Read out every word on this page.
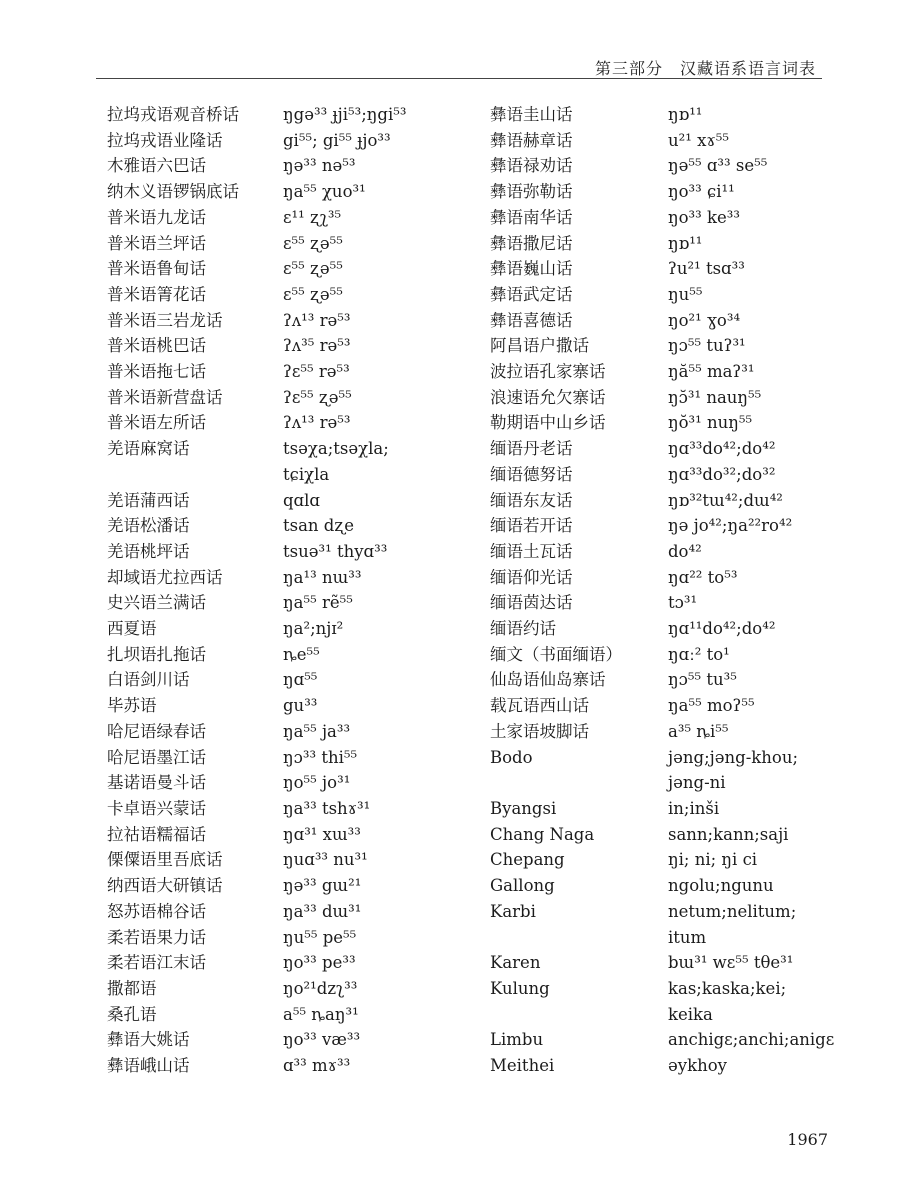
第三部分　汉藏语系语言词表
拉坞戎语观音桥话	ŋgə³³ ɟji⁵³;ŋgi⁵³
拉坞戎语业隆话	gi⁵⁵; gi⁵⁵ ɟjo³³
木雅语六巴话	ŋə³³ nə⁵³
纳木义语锣锅底话	ŋa⁵⁵ χuo³¹
普米语九龙话	ɛ¹¹ ʐʅ³⁵
普米语兰坪话	ɛ⁵⁵ ʐə⁵⁵
普米语鲁甸话	ɛ⁵⁵ ʐə⁵⁵
普米语箐花话	ɛ⁵⁵ ʐə⁵⁵
普米语三岩龙话	ʔʌ¹³ rə⁵³
普米语桃巴话	ʔʌ³⁵ rə⁵³
普米语拖七话	ʔɛ⁵⁵ rə⁵³
普米语新营盘话	ʔɛ⁵⁵ ʐə⁵⁵
普米语左所话	ʔʌ¹³ rə⁵³
羌语麻窝话	tsəχa;tsəχla;
tɕiχla
羌语蒲西话	qɑlɑ
羌语松潘话	tsan dʐe
羌语桃坪话	tsuə³¹ thyɑ³³
却域语尤拉西话	ŋa¹³ nɯ³³
史兴语兰满话	ŋa⁵⁵ rẽ⁵⁵
西夏语	ŋa²;njɪ²
扎坝语扎拖话	ȵe⁵⁵
白语剑川话	ŋɑ⁵⁵
毕苏语	gu³³
哈尼语绿春话	ŋa⁵⁵ ja³³
哈尼语墨江话	ŋɔ³³ thi⁵⁵
基诺语曼斗话	ŋo⁵⁵ jo³¹
卡卓语兴蒙话	ŋa³³ tshɤ³¹
拉祜语糯福话	ŋɑ³¹ xɯ³³
傈僳语里吾底话	ŋuɑ³³ nu³¹
纳西语大研镇话	ŋə³³ gɯ²¹
怒苏语棉谷话	ŋa³³ dɯ³¹
柔若语果力话	ŋu⁵⁵ pe⁵⁵
柔若语江末话	ŋo³³ pe³³
撒都语	ŋo²¹dzʅ³³
桑孔语	a⁵⁵ ȵaŋ³¹
彝语大姚话	ŋo³³ væ³³
彝语峨山话	ɑ³³ mɤ³³
彝语圭山话	ŋɒ¹¹
彝语赫章话	u²¹ xɤ⁵⁵
彝语禄劝话	ŋə⁵⁵ ɑ³³ se⁵⁵
彝语弥勒话	ŋo³³ ɕi¹¹
彝语南华话	ŋo³³ ke³³
彝语撒尼话	ŋɒ¹¹
彝语巍山话	ʔu²¹ tsɑ³³
彝语武定话	ŋu⁵⁵
彝语喜德话	ŋo²¹ ɣo³⁴
阿昌语户撒话	ŋɔ⁵⁵ tuʔ³¹
波拉语孔家寨话	ŋă⁵⁵ maʔ³¹
浪速语允欠寨话	ŋɔ̆³¹ nauŋ⁵⁵
勒期语中山乡话	ŋŏ³¹ nuŋ⁵⁵
缅语丹老话	ŋɑ³³do⁴²;do⁴²
缅语德努话	ŋɑ³³do³²;do³²
缅语东友话	ŋɒ³²tɯ⁴²;dɯ⁴²
缅语若开话	ŋə jo⁴²;ŋa²²ro⁴²
缅语土瓦话	do⁴²
缅语仰光话	ŋɑ²² to⁵³
缅语茵达话	tɔ³¹
缅语约话	ŋɑ¹¹do⁴²;do⁴²
缅文（书面缅语）	ŋɑː² to¹
仙岛语仙岛寨话	ŋɔ⁵⁵ tu³⁵
载瓦语西山话	ŋa⁵⁵ moʔ⁵⁵
土家语坡脚话	a³⁵ ȵi⁵⁵
Bodo	jəng;jəng-khou;
jəng-ni
Byangsi	in;inši
Chang Naga	sann;kann;saji
Chepang	ŋi; ni; ŋi ci
Gallong	ngolu;ngunu
Karbi	netum;nelitum;
itum
Karen	bɯ³¹ wɛ⁵⁵ tθe³¹
Kulung	kas;kaska;kei;
keika
Limbu	anchigɛ;anchi;anigɛ
Meithei	əykhoy
1967
